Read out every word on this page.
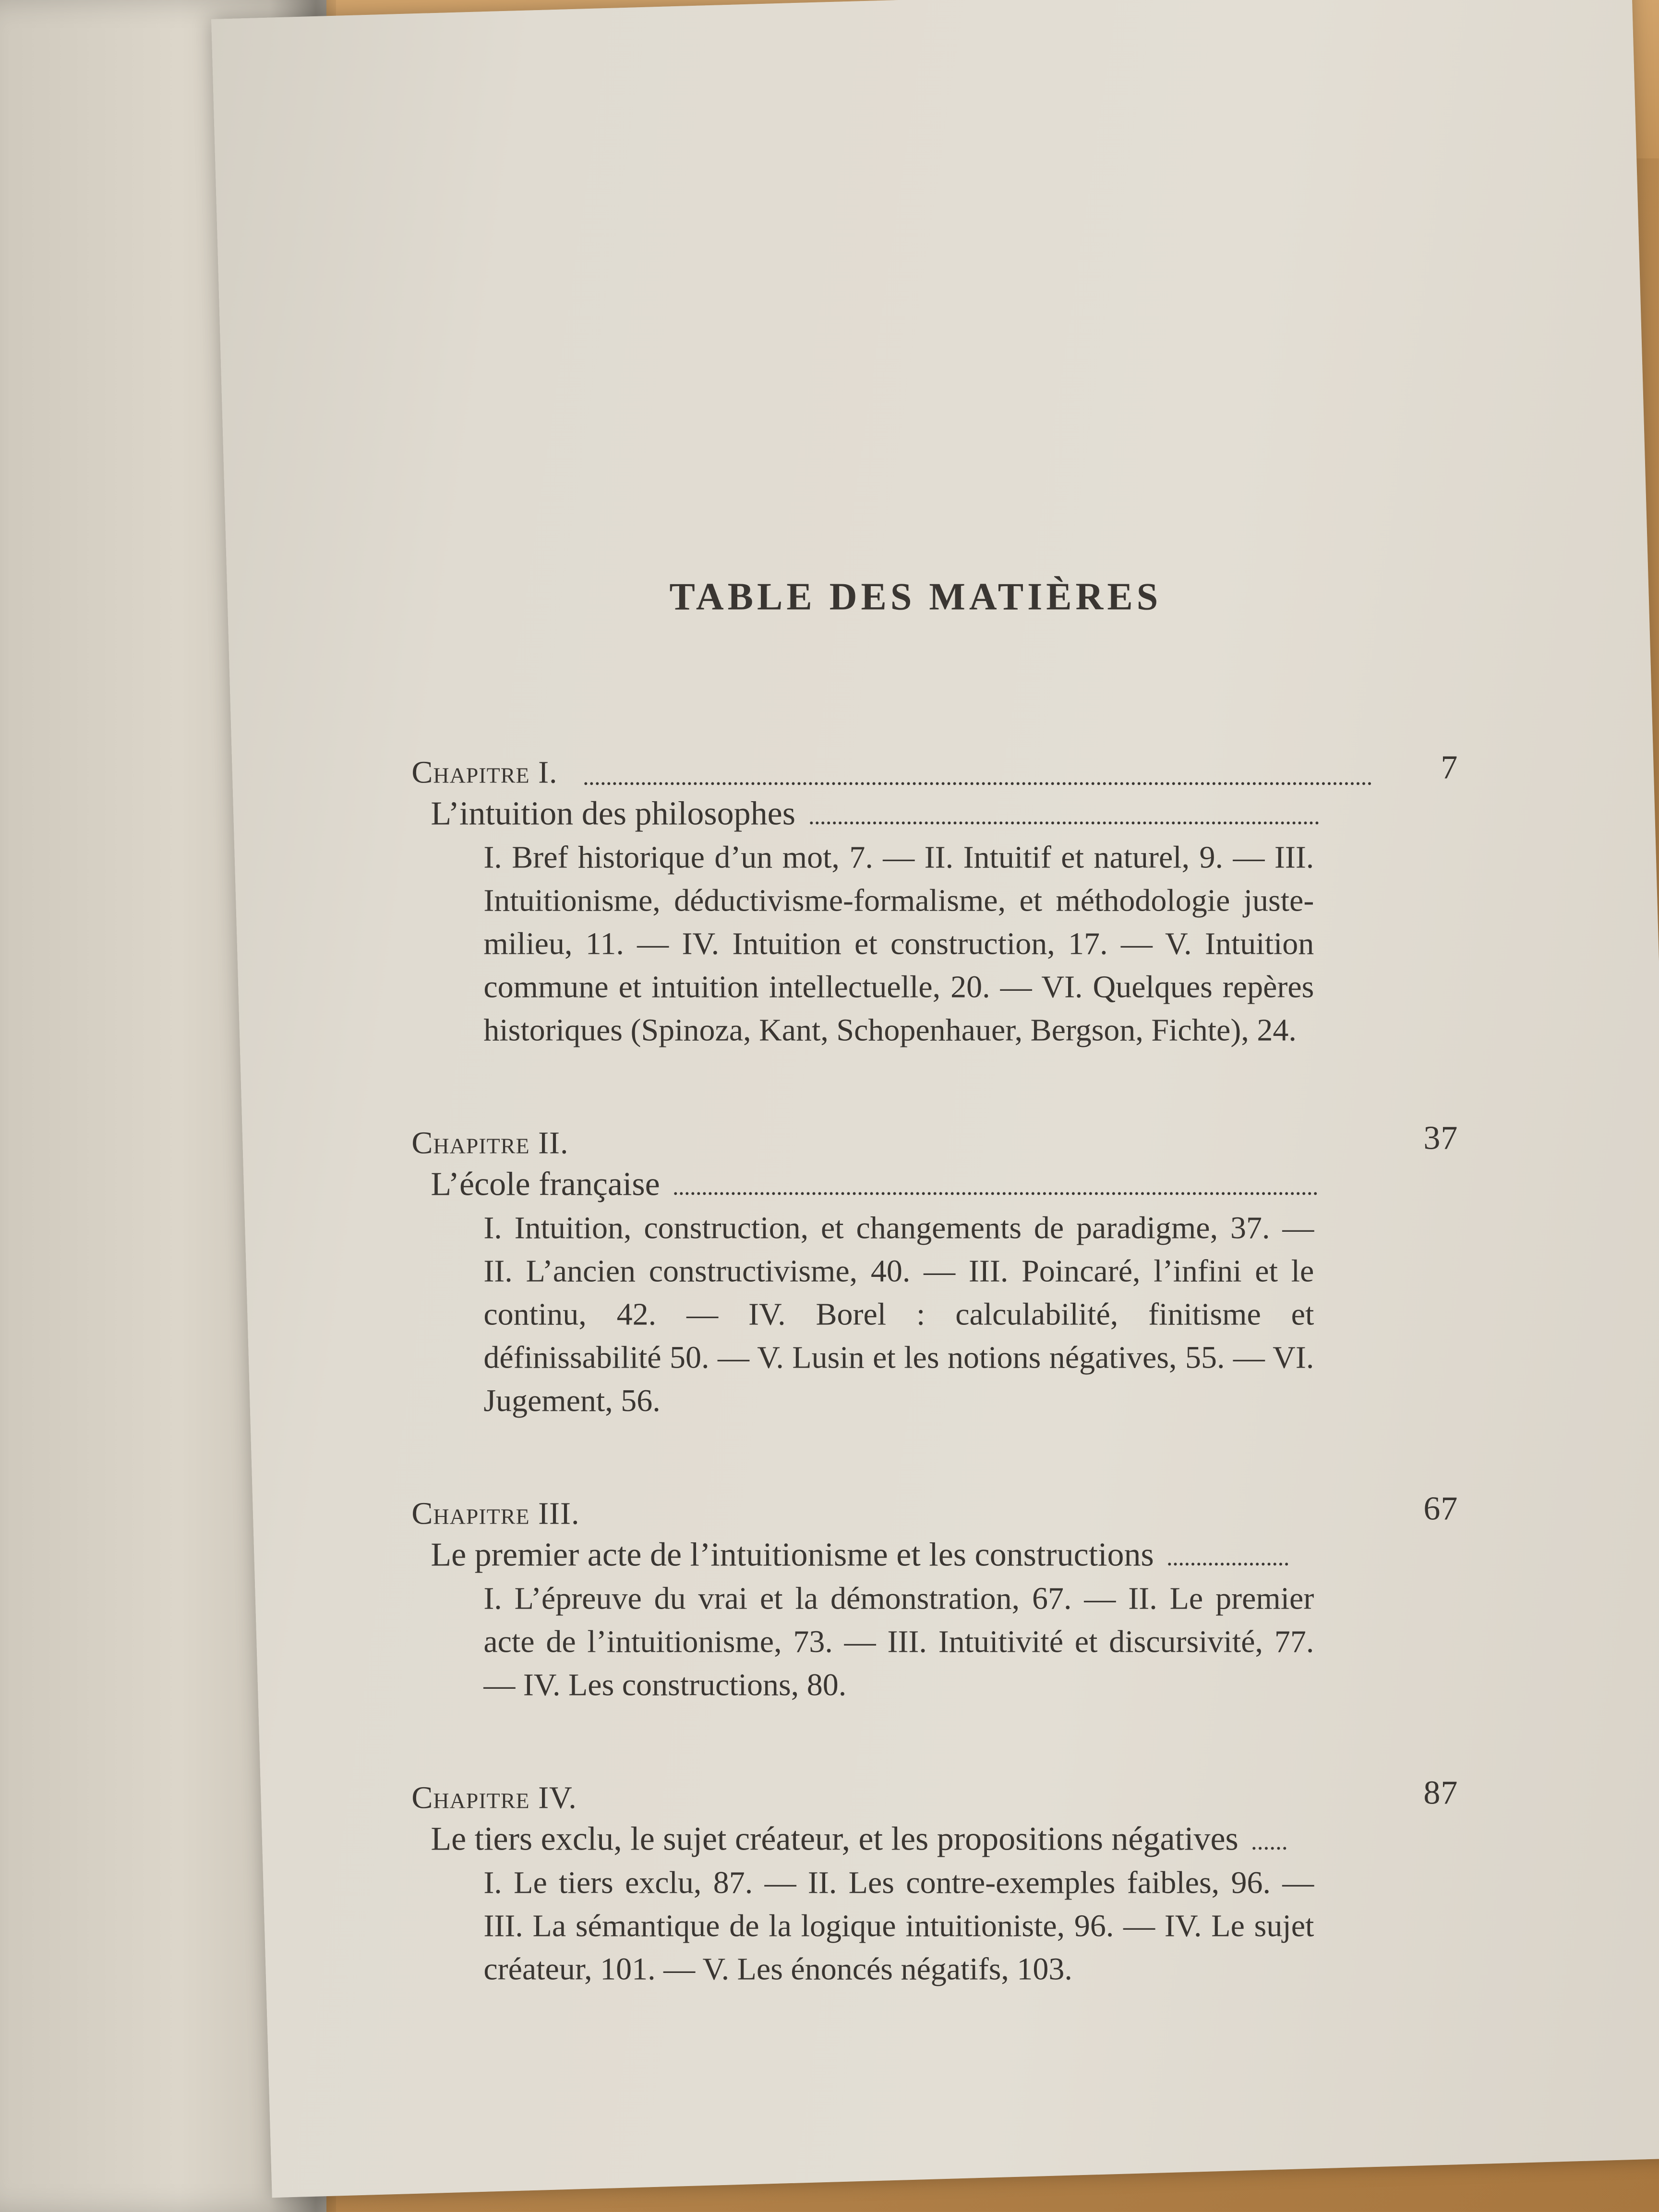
TABLE DES MATIÈRES
Chapitre I.	7
L’intuition des philosophes
I. Bref historique d’un mot, 7. — II. Intuitif et naturel, 9. — III. Intuitionisme, déductivisme-formalisme, et méthodologie juste-milieu, 11. — IV. Intuition et construction, 17. — V. Intuition commune et intuition intellectuelle, 20. — VI. Quelques repères historiques (Spinoza, Kant, Schopenhauer, Bergson, Fichte), 24.
Chapitre II.	37
L’école française
I. Intuition, construction, et changements de paradigme, 37. — II. L’ancien constructivisme, 40. — III. Poincaré, l’infini et le continu, 42. — IV. Borel : calculabilité, finitisme et définissabilité 50. — V. Lusin et les notions négatives, 55. — VI. Jugement, 56.
Chapitre III.	67
Le premier acte de l’intuitionisme et les constructions
I. L’épreuve du vrai et la démonstration, 67. — II. Le premier acte de l’intuitionisme, 73. — III. Intuitivité et discursivité, 77. — IV. Les constructions, 80.
Chapitre IV.	87
Le tiers exclu, le sujet créateur, et les propositions négatives
I. Le tiers exclu, 87. — II. Les contre-exemples faibles, 96. — III. La sémantique de la logique intuitioniste, 96. — IV. Le sujet créateur, 101. — V. Les énoncés négatifs, 103.
